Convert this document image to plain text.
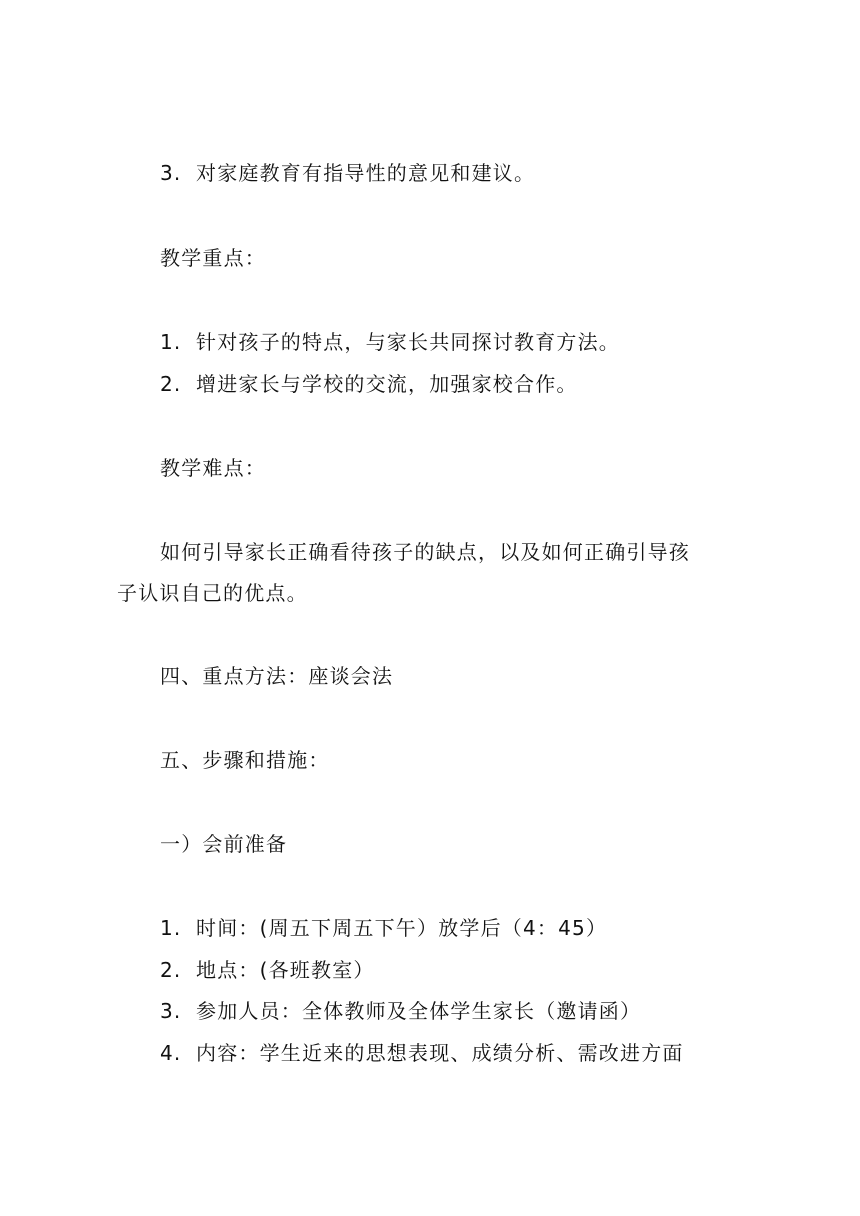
3. 对家庭教育有指导性的意见和建议。
教学重点：
1. 针对孩子的特点，与家长共同探讨教育方法。
2. 增进家长与学校的交流，加强家校合作。
教学难点：
如何引导家长正确看待孩子的缺点，以及如何正确引导孩
子认识自己的优点。
四、重点方法：座谈会法
五、步骤和措施：
一）会前准备
1. 时间：(周五下周五下午）放学后（4：45）
2. 地点：(各班教室）
3. 参加人员：全体教师及全体学生家长（邀请函）
4. 内容：学生近来的思想表现、成绩分析、需改进方面
